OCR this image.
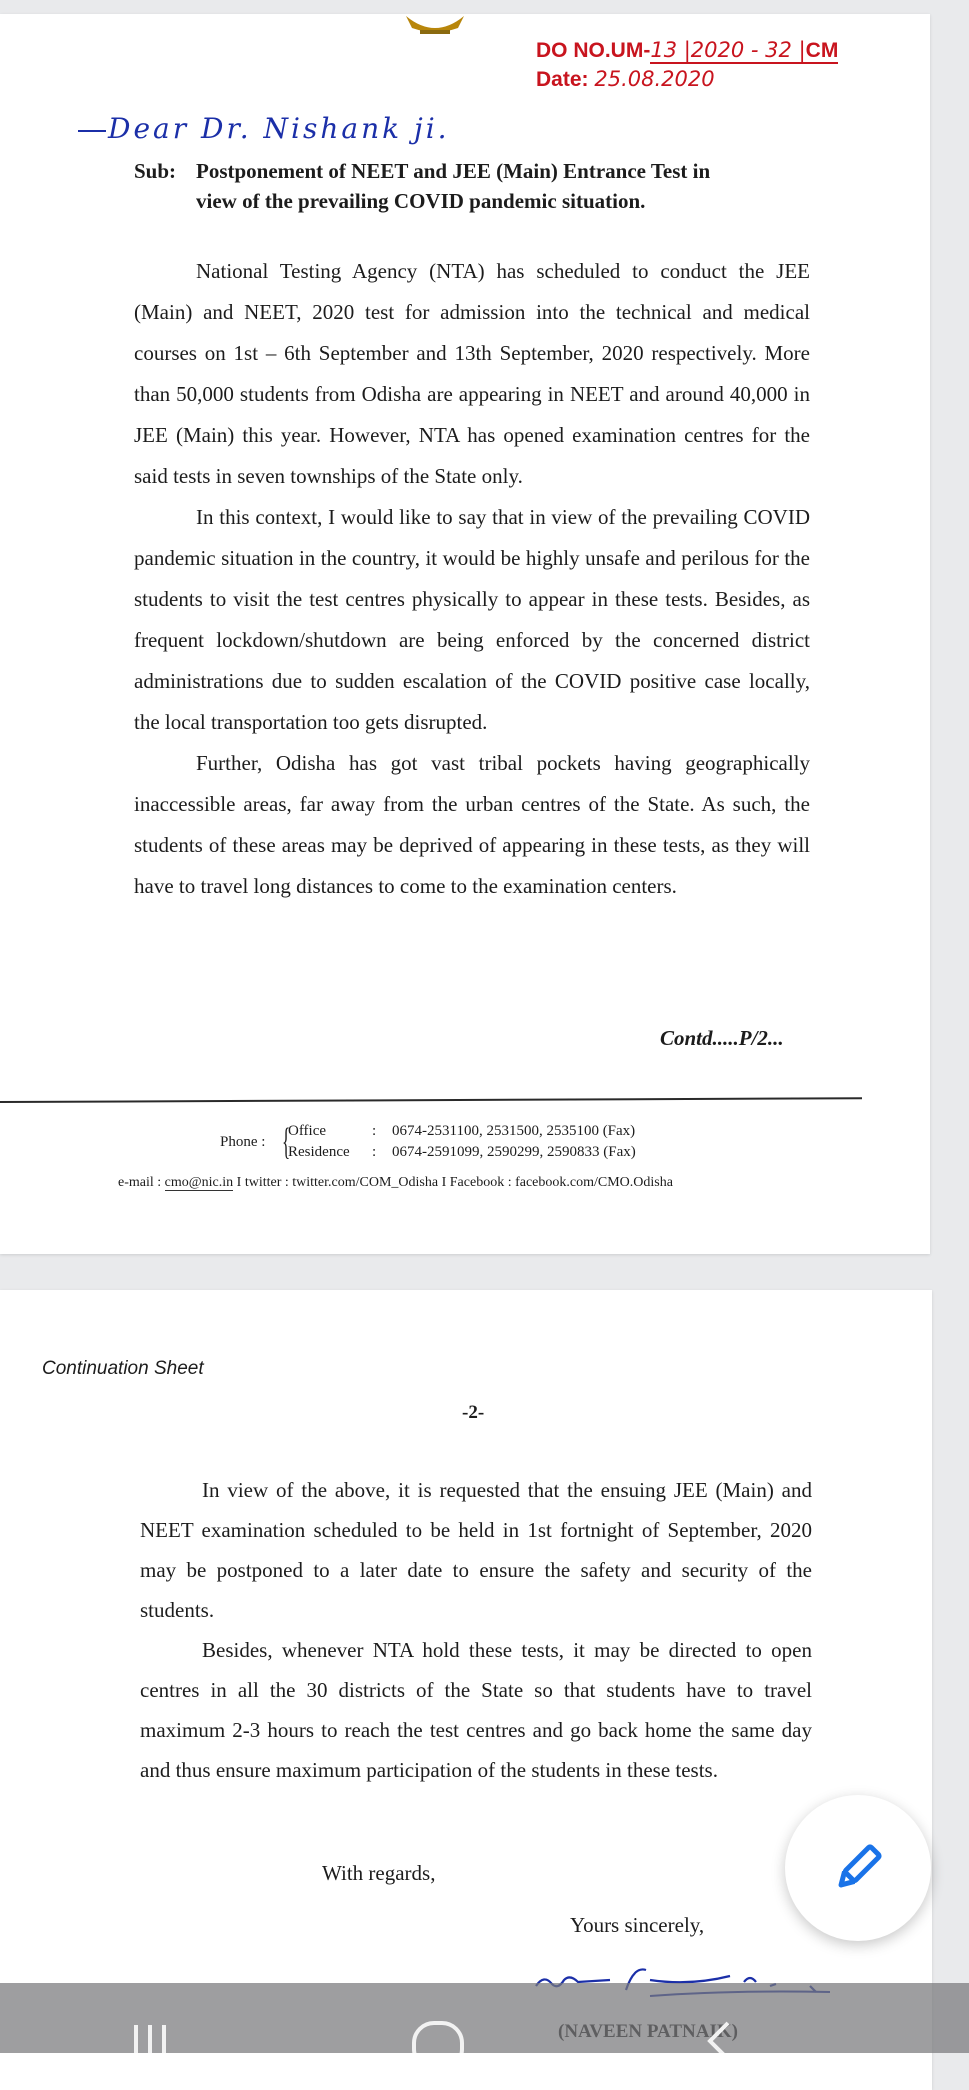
DO NO.UM-13 |2020 - 32 |CM
Date: 25.08.2020
Dear Dr. Nishank ji.
Sub: Postponement of NEET and JEE (Main) Entrance Test in
view of the prevailing COVID pandemic situation.

National Testing Agency (NTA) has scheduled to conduct the JEE (Main) and NEET, 2020 test for admission into the technical and medical courses on 1st – 6th September and 13th September, 2020 respectively. More than 50,000 students from Odisha are appearing in NEET and around 40,000 in JEE (Main) this year. However, NTA has opened examination centres for the said tests in seven townships of the State only.

In this context, I would like to say that in view of the prevailing COVID pandemic situation in the country, it would be highly unsafe and perilous for the students to visit the test centres physically to appear in these tests. Besides, as frequent lockdown/shutdown are being enforced by the concerned district administrations due to sudden escalation of the COVID positive case locally, the local transportation too gets disrupted.

Further, Odisha has got vast tribal pockets having geographically inaccessible areas, far away from the urban centres of the State. As such, the students of these areas may be deprived of appearing in these tests, as they will have to travel long distances to come to the examination centers.

Contd.....P/2...
Phone : {
Office	: 0674-2531100, 2531500, 2535100 (Fax)
Residence : 0674-2591099, 2590299, 2590833 (Fax)
e-mail : cmo@nic.in I twitter : twitter.com/COM_Odisha I Facebook : facebook.com/CMO.Odisha
Continuation Sheet
-2-

In view of the above, it is requested that the ensuing JEE (Main) and NEET examination scheduled to be held in 1st fortnight of September, 2020 may be postponed to a later date to ensure the safety and security of the students.

Besides, whenever NTA hold these tests, it may be directed to open centres in all the 30 districts of the State so that students have to travel maximum 2-3 hours to reach the test centres and go back home the same day and thus ensure maximum participation of the students in these tests.

With regards,
Yours sincerely,
